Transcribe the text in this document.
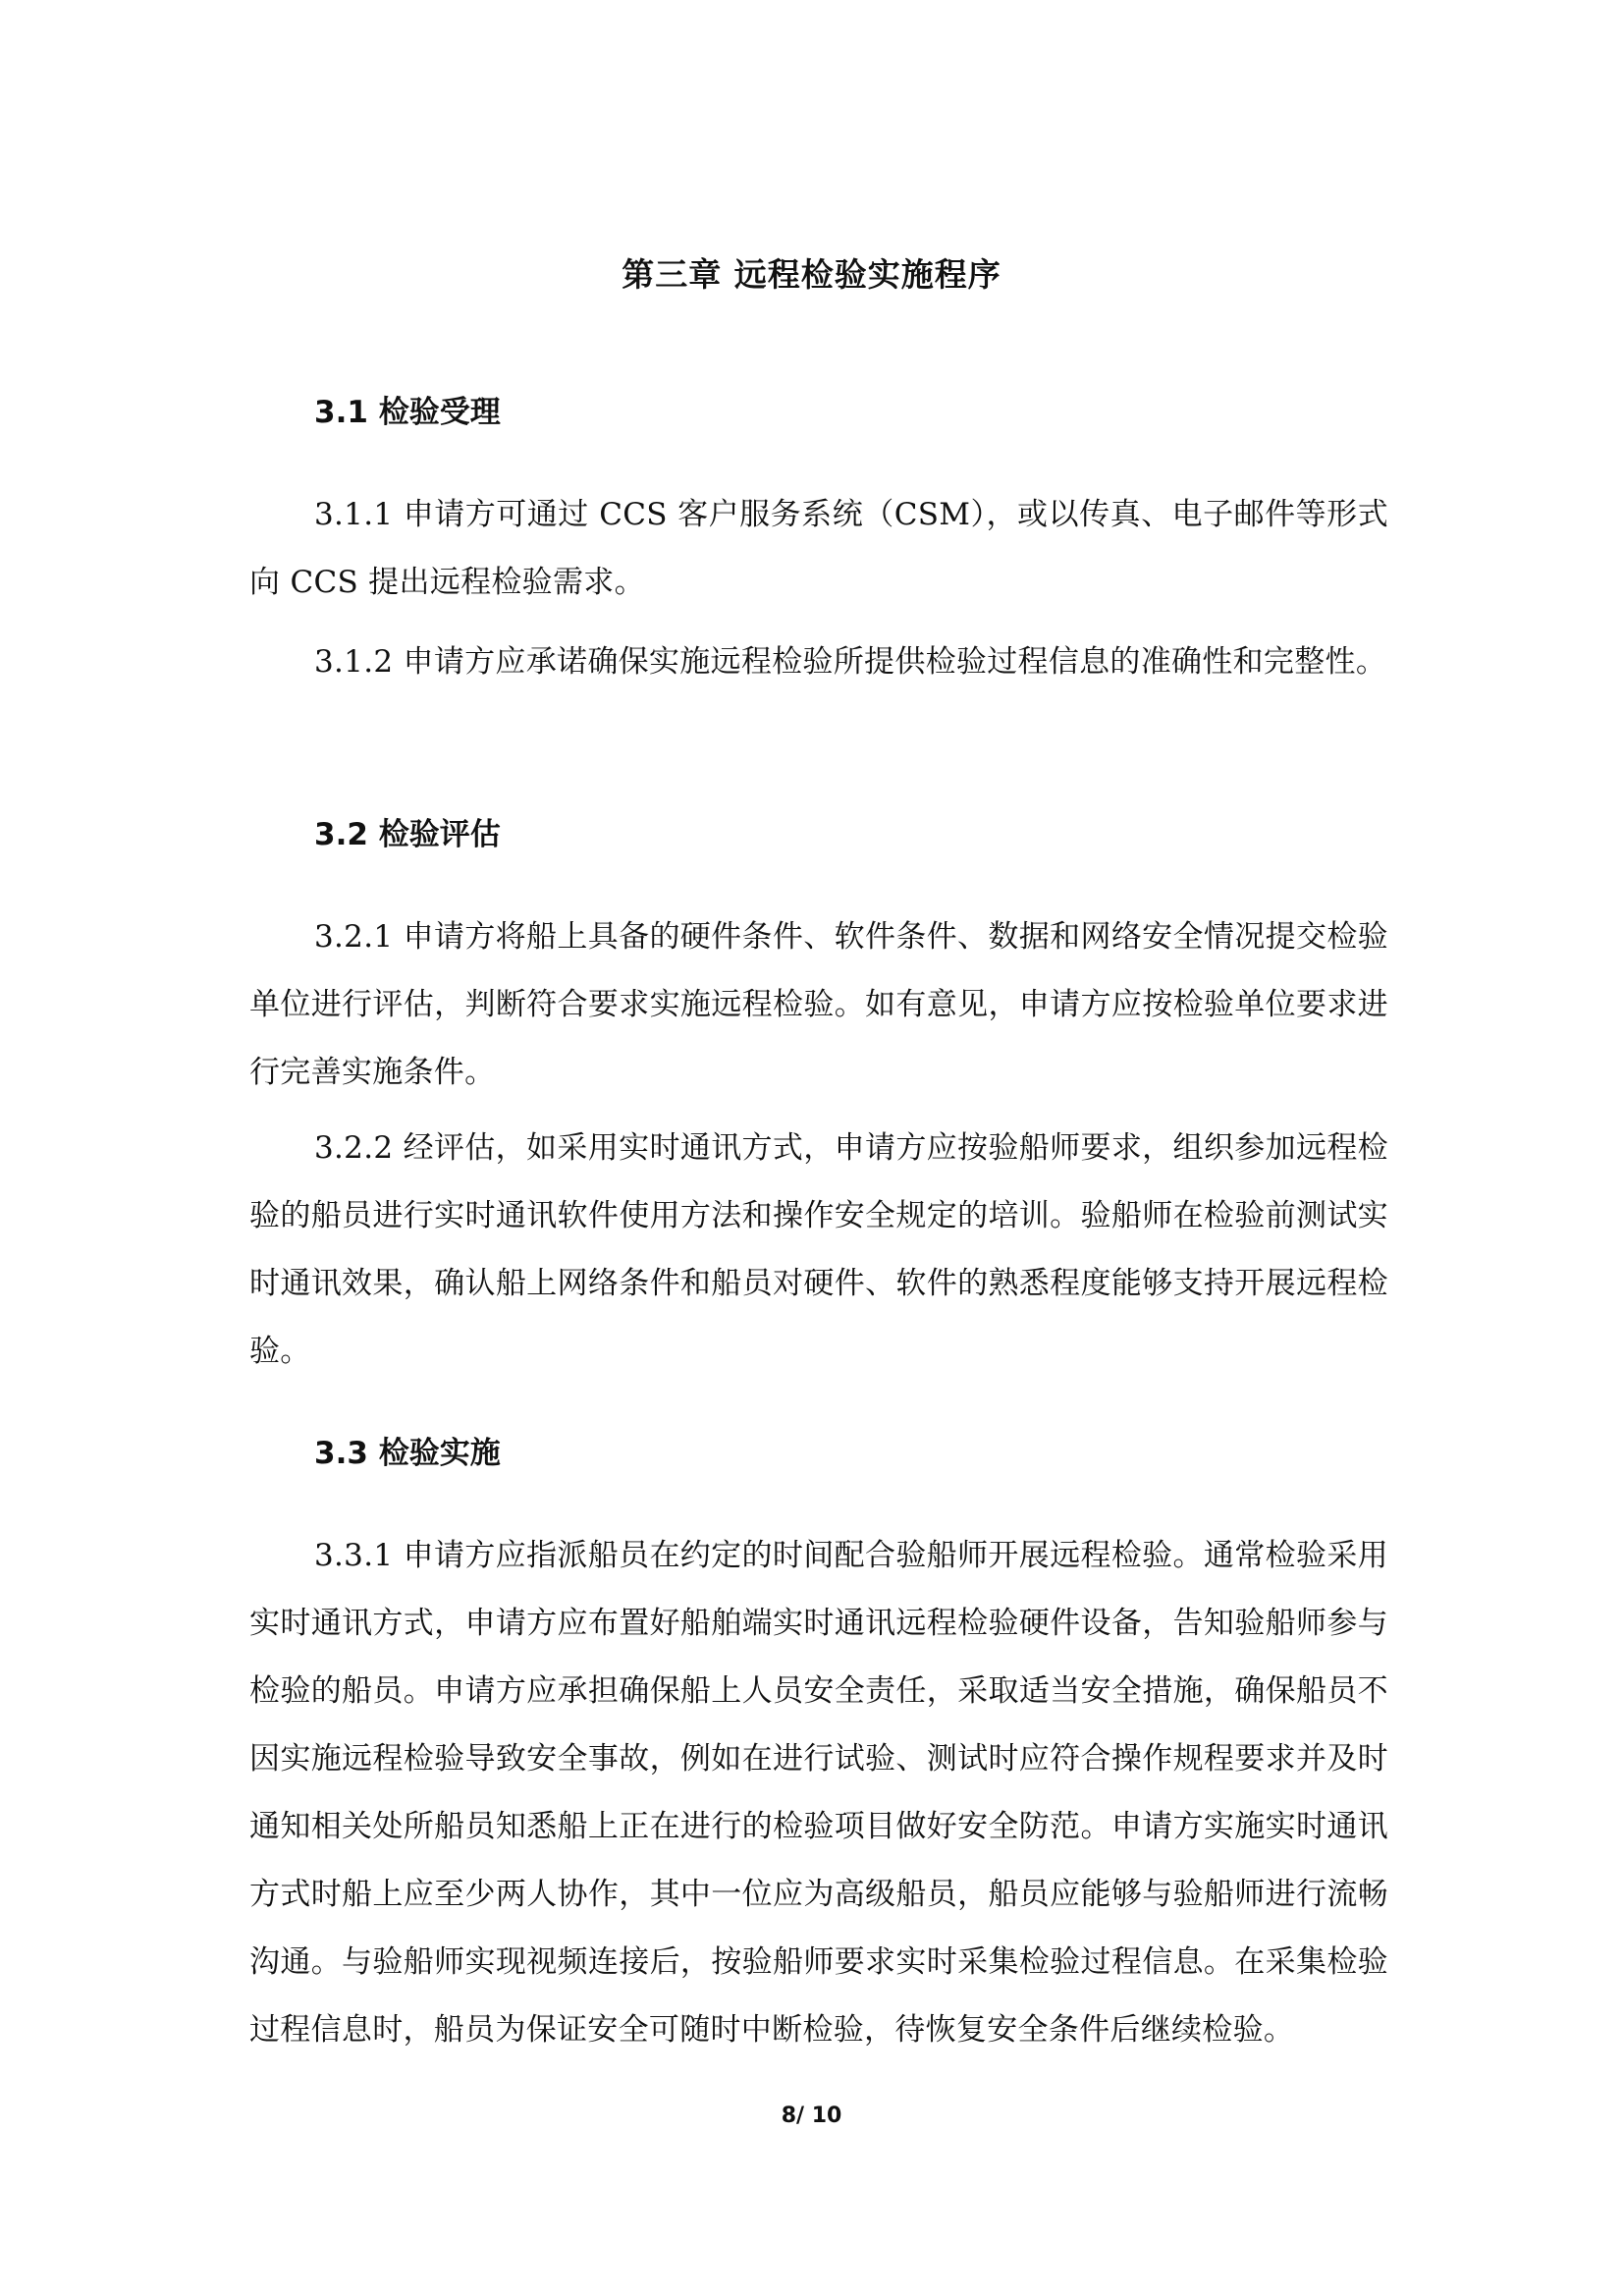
第三章 远程检验实施程序
3.1 检验受理

3.1.1 申请方可通过 CCS 客户服务系统（CSM），或以传真、电子邮件等形式向 CCS 提出远程检验需求。

3.1.2 申请方应承诺确保实施远程检验所提供检验过程信息的准确性和完整性。

3.2 检验评估

3.2.1 申请方将船上具备的硬件条件、软件条件、数据和网络安全情况提交检验单位进行评估，判断符合要求实施远程检验。如有意见，申请方应按检验单位要求进行完善实施条件。

3.2.2 经评估，如采用实时通讯方式，申请方应按验船师要求，组织参加远程检验的船员进行实时通讯软件使用方法和操作安全规定的培训。验船师在检验前测试实时通讯效果，确认船上网络条件和船员对硬件、软件的熟悉程度能够支持开展远程检验。

3.3 检验实施

3.3.1 申请方应指派船员在约定的时间配合验船师开展远程检验。通常检验采用实时通讯方式，申请方应布置好船舶端实时通讯远程检验硬件设备，告知验船师参与检验的船员。申请方应承担确保船上人员安全责任，采取适当安全措施，确保船员不因实施远程检验导致安全事故，例如在进行试验、测试时应符合操作规程要求并及时通知相关处所船员知悉船上正在进行的检验项目做好安全防范。申请方实施实时通讯方式时船上应至少两人协作，其中一位应为高级船员，船员应能够与验船师进行流畅沟通。与验船师实现视频连接后，按验船师要求实时采集检验过程信息。在采集检验过程信息时，船员为保证安全可随时中断检验，待恢复安全条件后继续检验。

8/ 10
